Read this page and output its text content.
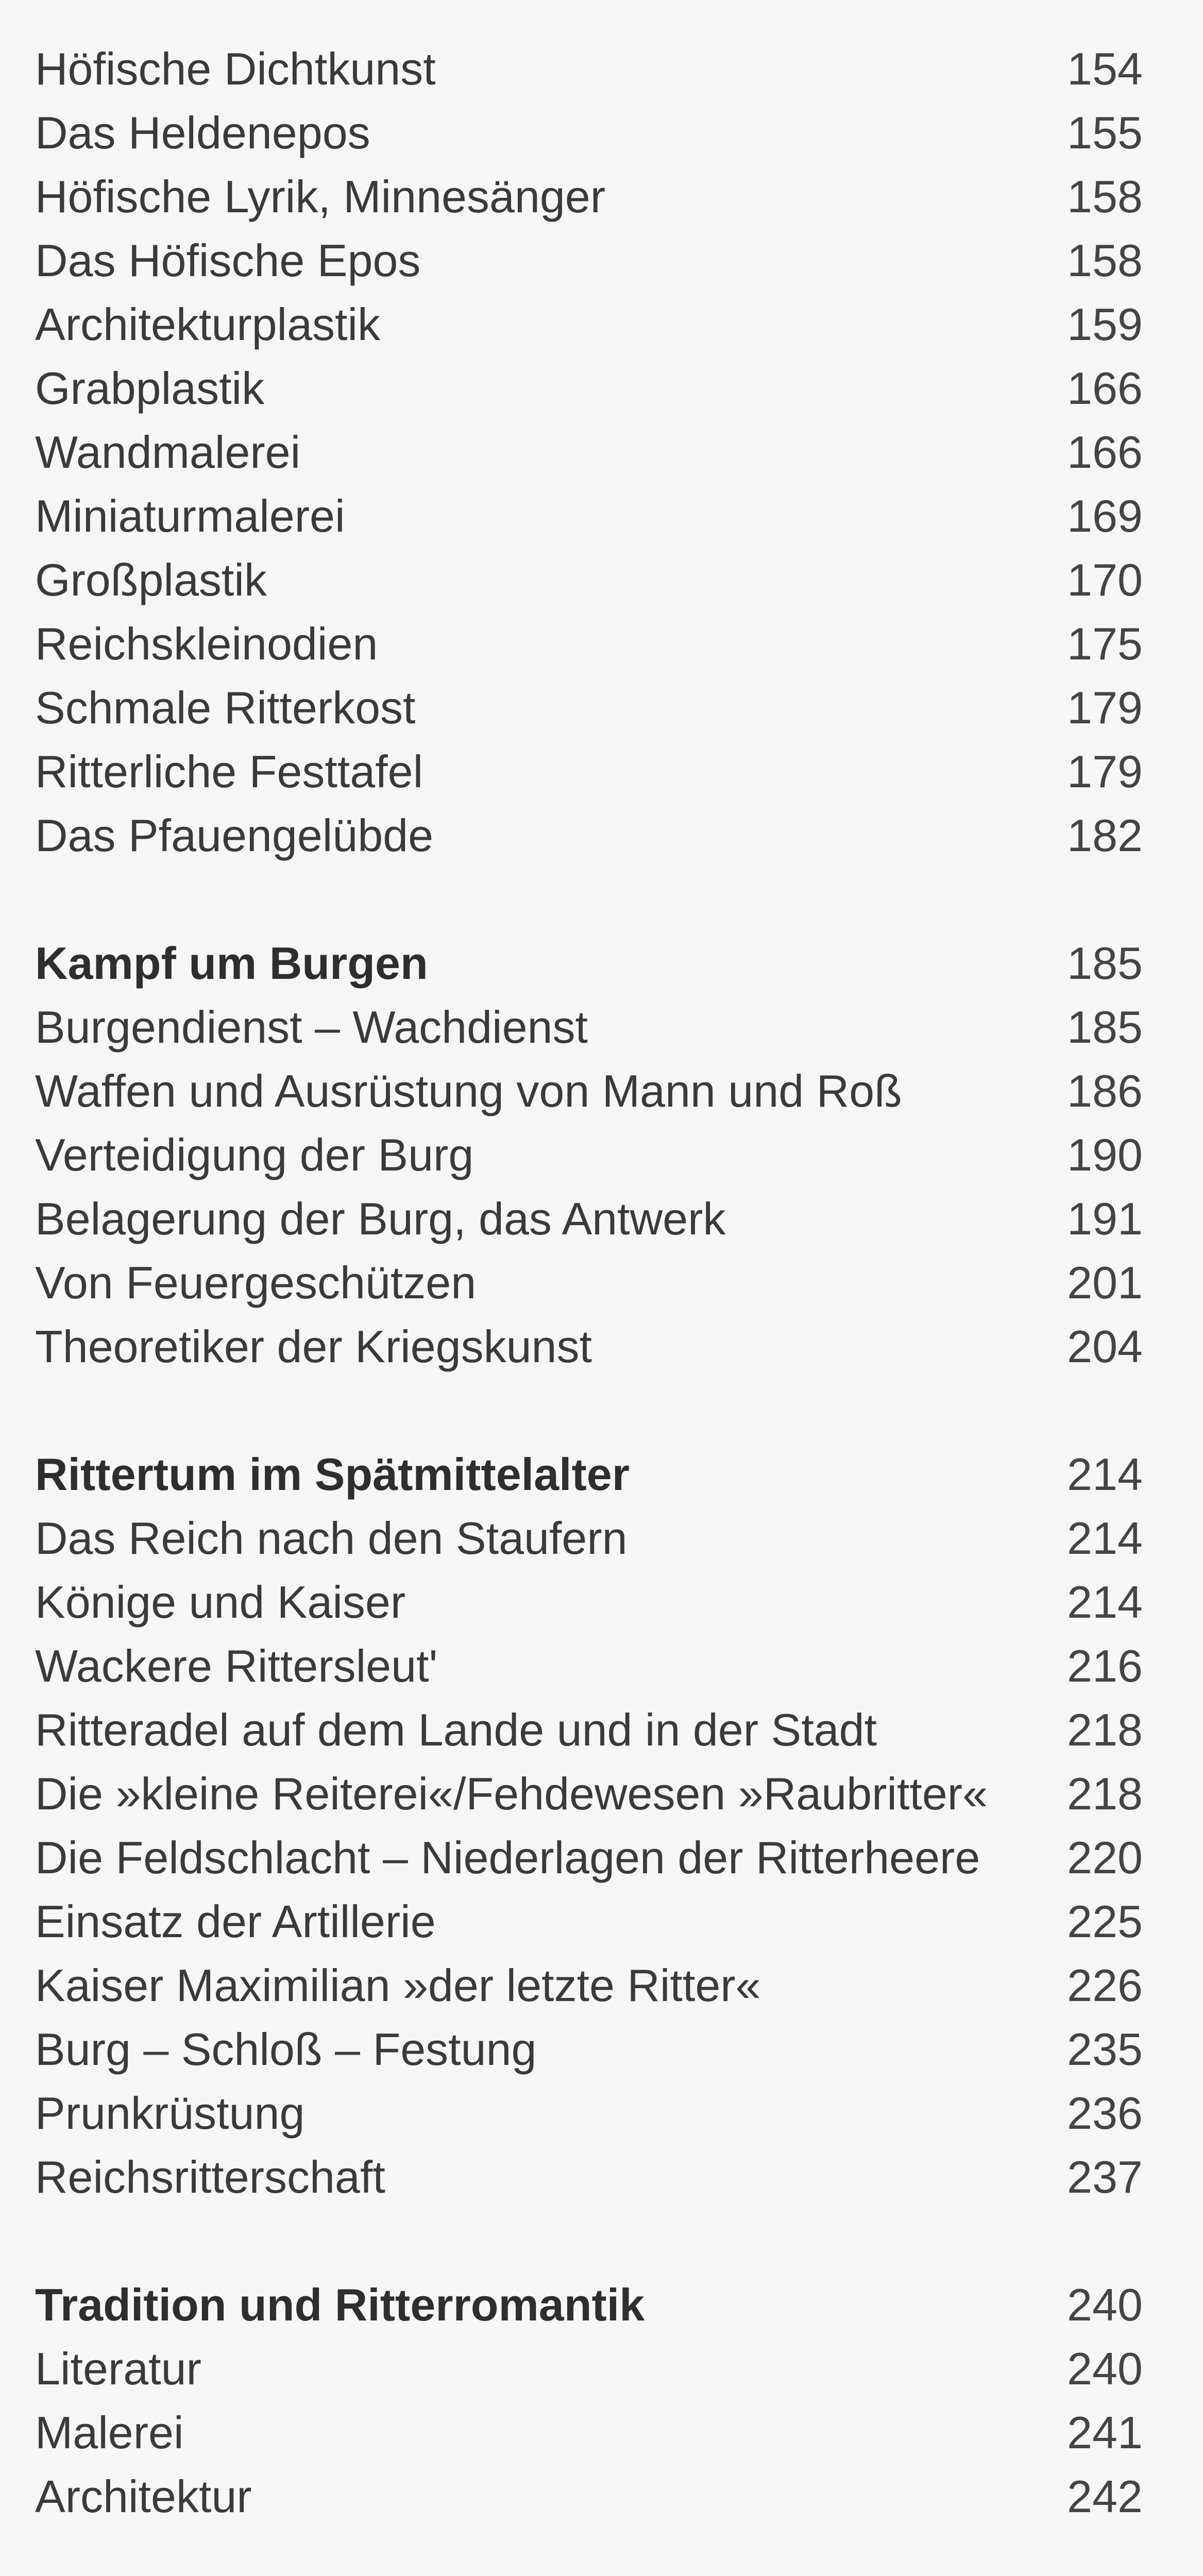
Höfische Dichtkunst	154
Das Heldenepos	155
Höfische Lyrik, Minnesänger	158
Das Höfische Epos	158
Architekturplastik	159
Grabplastik	166
Wandmalerei	166
Miniaturmalerei	169
Großplastik	170
Reichskleinodien	175
Schmale Ritterkost	179
Ritterliche Festtafel	179
Das Pfauengelübde	182
Kampf um Burgen	185
Burgendienst – Wachdienst	185
Waffen und Ausrüstung von Mann und Roß	186
Verteidigung der Burg	190
Belagerung der Burg, das Antwerk	191
Von Feuergeschützen	201
Theoretiker der Kriegskunst	204
Rittertum im Spätmittelalter	214
Das Reich nach den Staufern	214
Könige und Kaiser	214
Wackere Rittersleut'	216
Ritteradel auf dem Lande und in der Stadt	218
Die »kleine Reiterei«/Fehdewesen »Raubritter« 218
Die Feldschlacht – Niederlagen der Ritterheere 220
Einsatz der Artillerie	225
Kaiser Maximilian »der letzte Ritter«	226
Burg – Schloß – Festung	235
Prunkrüstung	236
Reichsritterschaft	237
Tradition und Ritterromantik	240
Literatur	240
Malerei	241
Architektur	242
